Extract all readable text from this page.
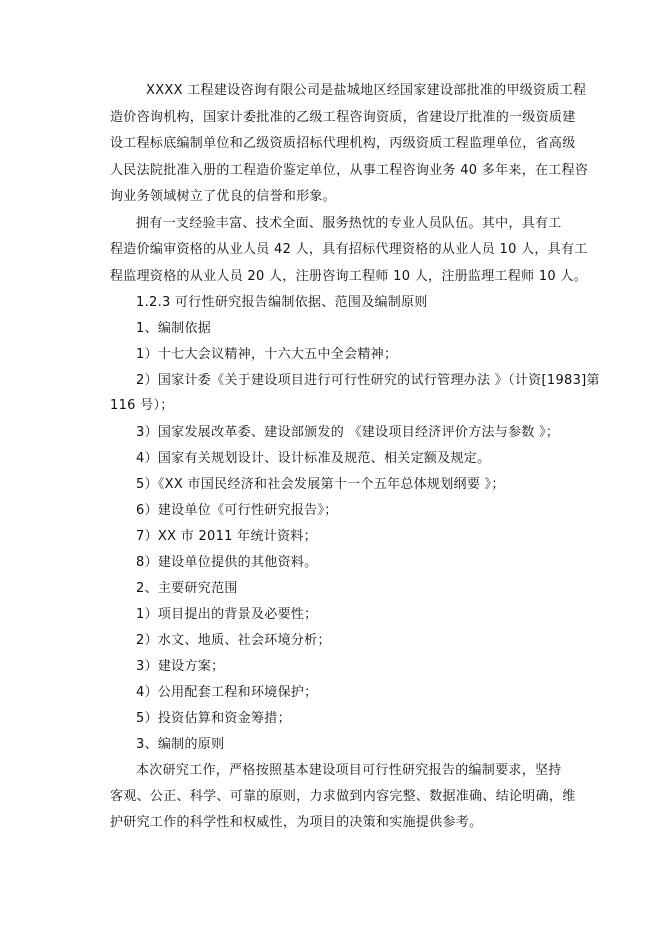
XXXX 工程建设咨询有限公司是盐城地区经国家建设部批准的甲级资质工程
造价咨询机构，国家计委批准的乙级工程咨询资质，省建设厅批准的一级资质建
设工程标底编制单位和乙级资质招标代理机构，丙级资质工程监理单位，省高级
人民法院批准入册的工程造价鉴定单位，从事工程咨询业务 40 多年来，在工程咨
询业务领域树立了优良的信誉和形象。
拥有一支经验丰富、技术全面、服务热忱的专业人员队伍。其中，具有工
程造价编审资格的从业人员 42 人，具有招标代理资格的从业人员 10 人，具有工
程监理资格的从业人员 20 人，注册咨询工程师 10 人，注册监理工程师 10 人。
1.2.3 可行性研究报告编制依据、范围及编制原则
1、编制依据
1）十七大会议精神，十六大五中全会精神；
2）国家计委《关于建设项目进行可行性研究的试行管理办法 》（计资[1983]第
116 号）；
3）国家发展改革委、建设部颁发的 《建设项目经济评价方法与参数 》；
4）国家有关规划设计、设计标准及规范、相关定额及规定。
5）《XX 市国民经济和社会发展第十一个五年总体规划纲要 》；
6）建设单位《可行性研究报告》；
7）XX 市 2011 年统计资料；
8）建设单位提供的其他资料。
2、主要研究范围
1）项目提出的背景及必要性；
2）水文、地质、社会环境分析；
3）建设方案；
4）公用配套工程和环境保护；
5）投资估算和资金筹措；
3、编制的原则
本次研究工作，严格按照基本建设项目可行性研究报告的编制要求，坚持
客观、公正、科学、可靠的原则，力求做到内容完整、数据准确、结论明确，维
护研究工作的科学性和权威性，为项目的决策和实施提供参考。
